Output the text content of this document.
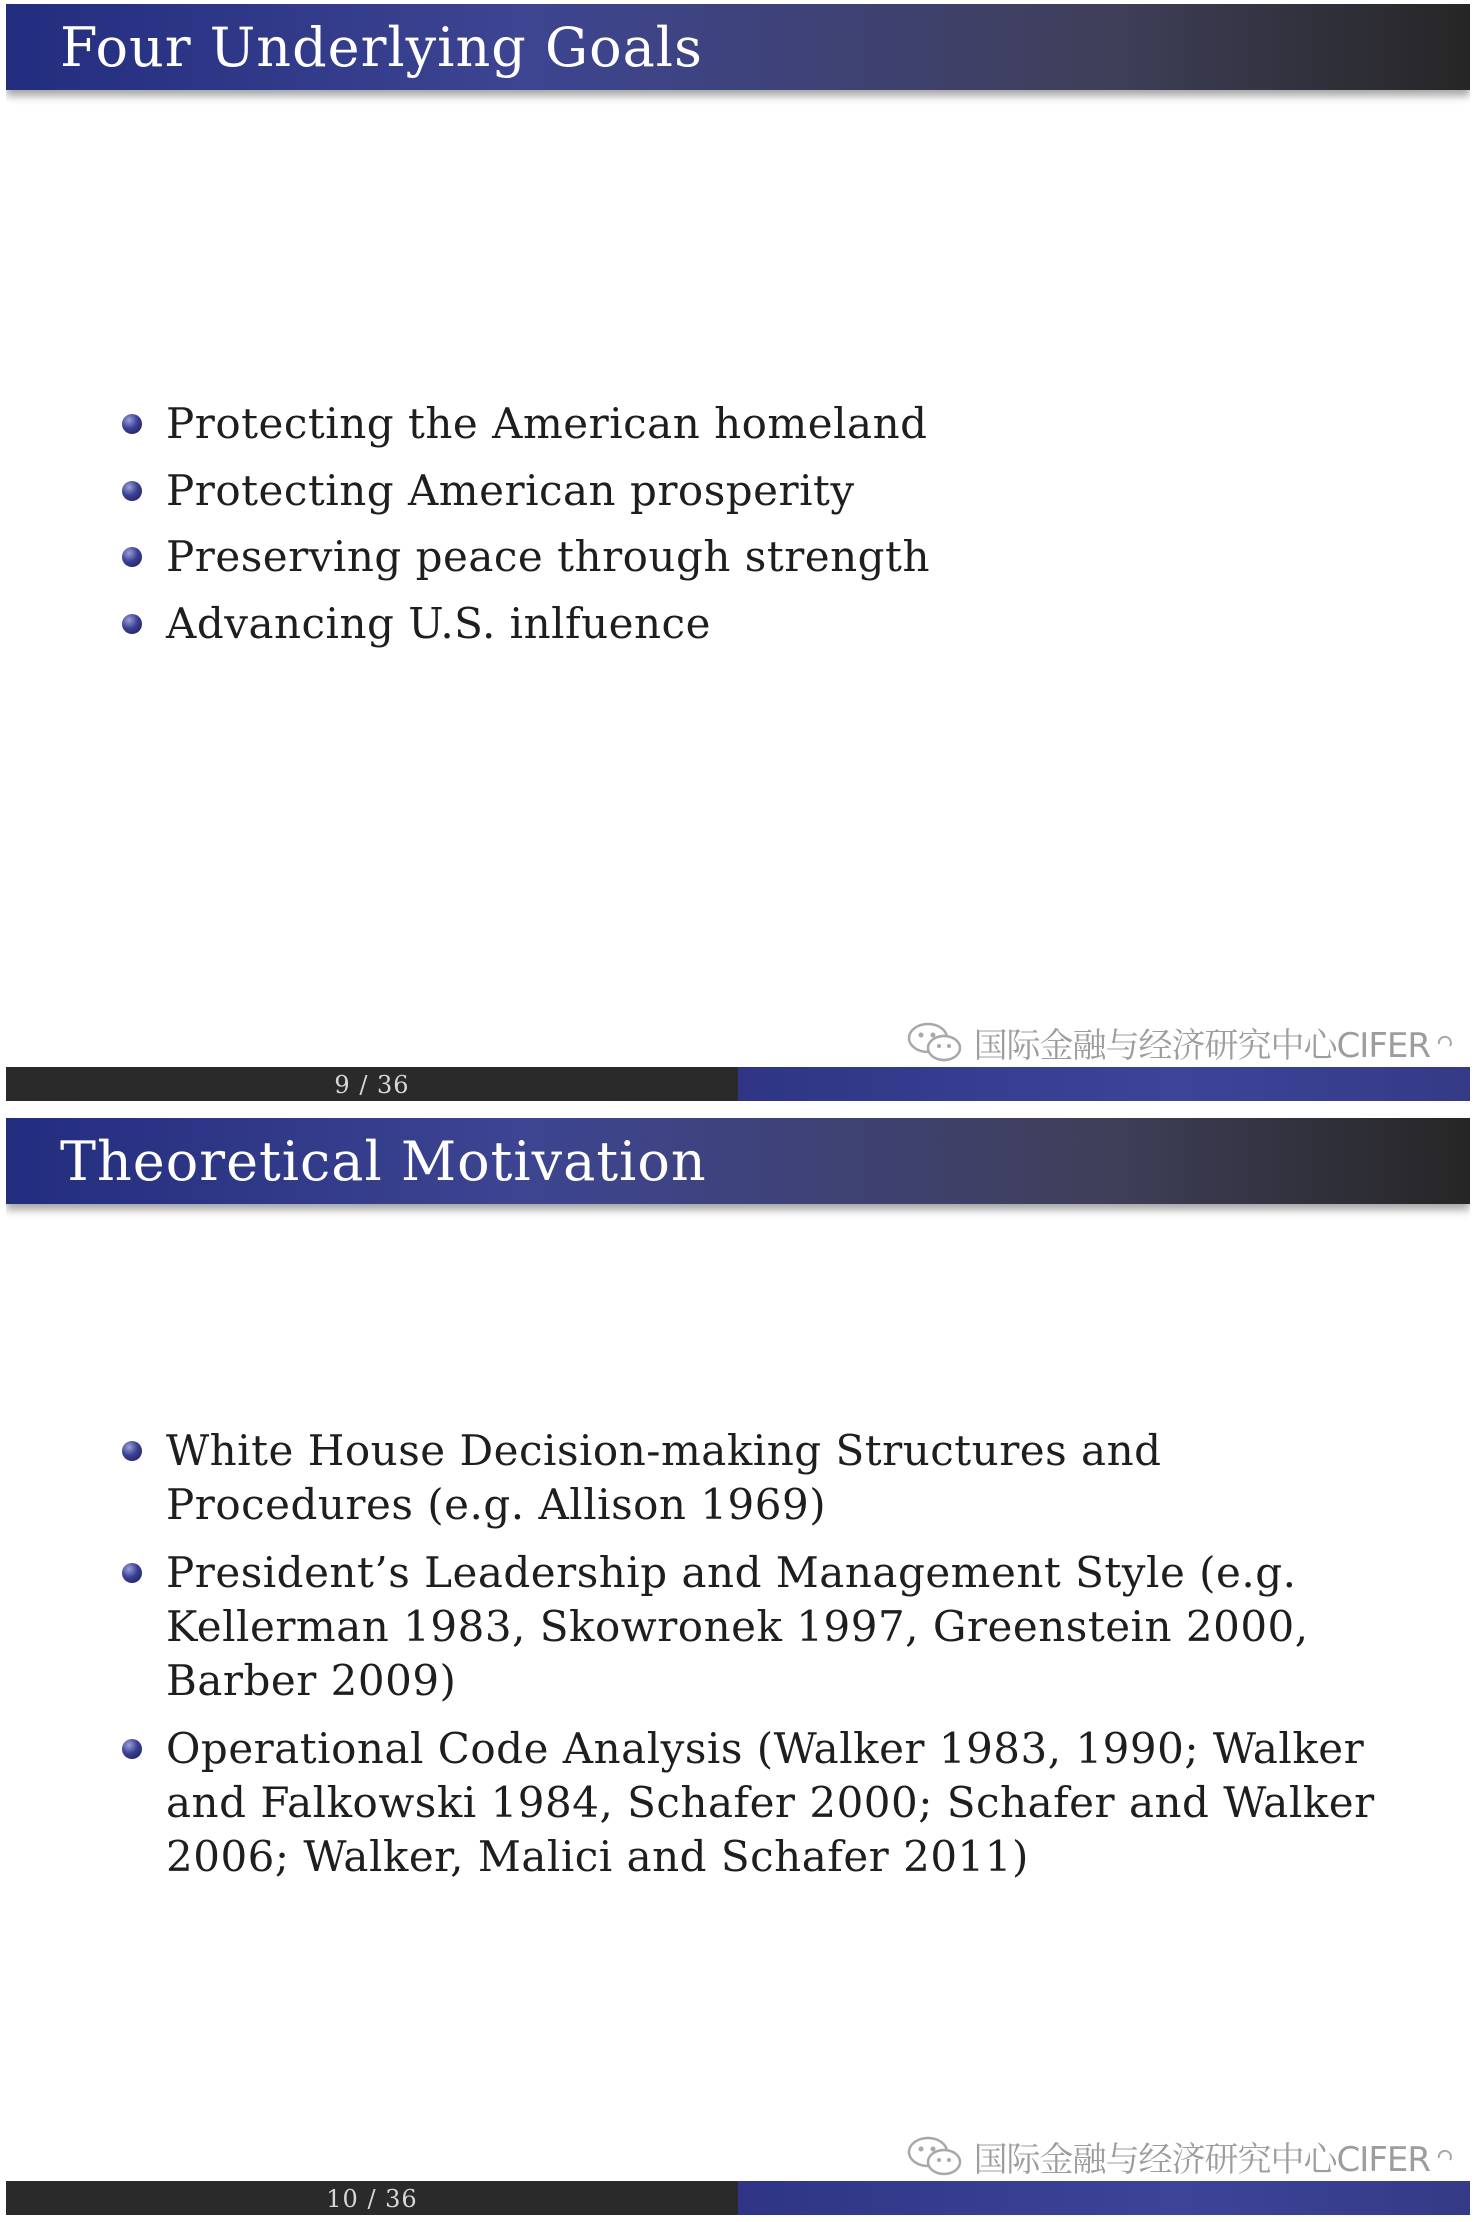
Four Underlying Goals
Protecting the American homeland
Protecting American prosperity
Preserving peace through strength
Advancing U.S. inlfuence
国际金融与经济研究中心CIFER
9 / 36
Theoretical Motivation
White House Decision-making Structures and Procedures (e.g. Allison 1969)
President’s Leadership and Management Style (e.g. Kellerman 1983, Skowronek 1997, Greenstein 2000, Barber 2009)
Operational Code Analysis (Walker 1983, 1990; Walker and Falkowski 1984, Schafer 2000; Schafer and Walker 2006; Walker, Malici and Schafer 2011)
国际金融与经济研究中心CIFER
10 / 36
